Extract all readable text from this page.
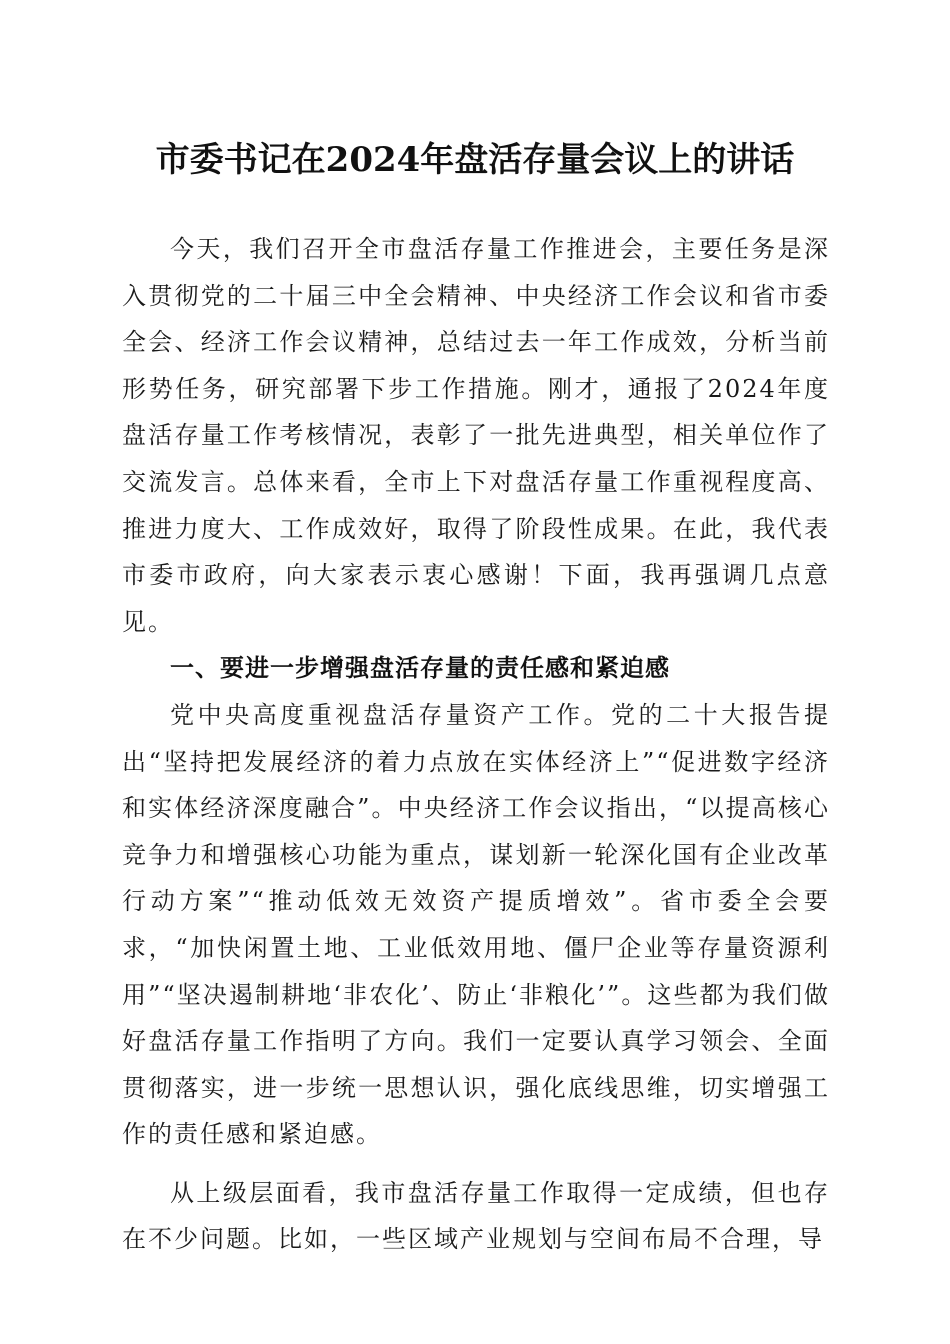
市委书记在2024年盘活存量会议上的讲话

今天，我们召开全市盘活存量工作推进会，主要任务是深入贯彻党的二十届三中全会精神、中央经济工作会议和省市委全会、经济工作会议精神，总结过去一年工作成效，分析当前形势任务，研究部署下步工作措施。刚才，通报了2024年度盘活存量工作考核情况，表彰了一批先进典型，相关单位作了交流发言。总体来看，全市上下对盘活存量工作重视程度高、推进力度大、工作成效好，取得了阶段性成果。在此，我代表市委市政府，向大家表示衷心感谢！下面，我再强调几点意见。

一、要进一步增强盘活存量的责任感和紧迫感

党中央高度重视盘活存量资产工作。党的二十大报告提出“坚持把发展经济的着力点放在实体经济上”“促进数字经济和实体经济深度融合”。中央经济工作会议指出，“以提高核心竞争力和增强核心功能为重点，谋划新一轮深化国有企业改革行动方案”“推动低效无效资产提质增效”。省市委全会要求，“加快闲置土地、工业低效用地、僵尸企业等存量资源利用”“坚决遏制耕地‘非农化’、防止‘非粮化’”。这些都为我们做好盘活存量工作指明了方向。我们一定要认真学习领会、全面贯彻落实，进一步统一思想认识，强化底线思维，切实增强工作的责任感和紧迫感。

从上级层面看，我市盘活存量工作取得一定成绩，但也存在不少问题。比如，一些区域产业规划与空间布局不合理，导
